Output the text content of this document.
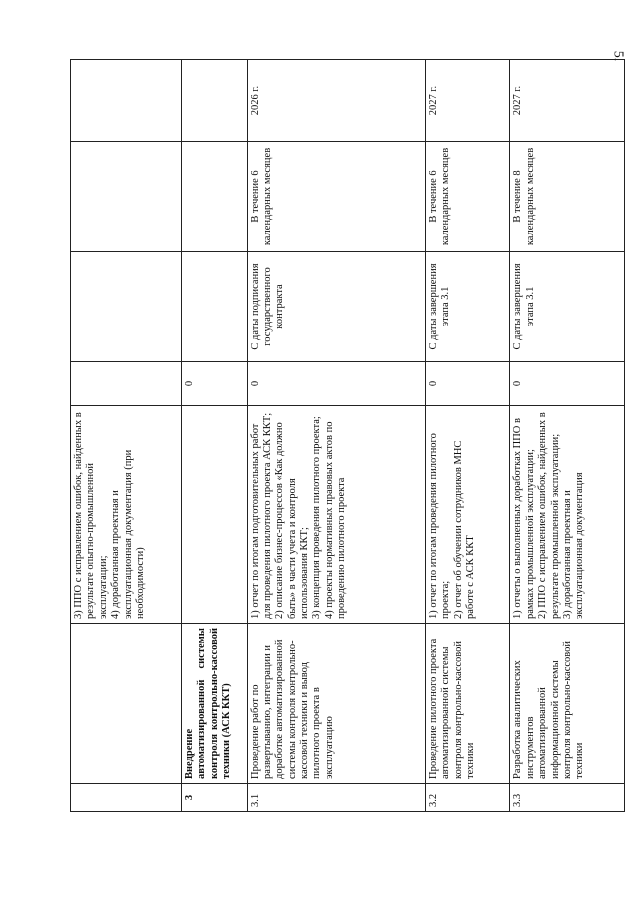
5.
		3) ППО с исправлением ошибок, найденных в результате опытно-промышленной эксплуатации;
4) доработанная проектная и эксплуатационная документация (при необходимости)				
3	Внедрение автоматизированной системы контроля контрольно-кассовой техники (АСК ККТ)		0			
3.1	Проведение работ по развертыванию, интеграции и доработке автоматизированной системы контроля контрольно-кассовой техники и вывод пилотного проекта в эксплуатацию	1) отчет по итогам подготовительных работ для проведения пилотного проекта АСК ККТ;
2) описание бизнес-процессов «Как должно быть» в части учета и контроля использования ККТ;
3) концепция проведения пилотного проекта;
4) проекты нормативных правовых актов по проведению пилотного проекта	0	С даты подписания государственного контракта	В течение 6 календарных месяцев	2026 г.
3.2	Проведение пилотного проекта автоматизированной системы контроля контрольно-кассовой техники	1) отчет по итогам проведения пилотного проекта;
2) отчет об обучении сотрудников МНС работе с АСК ККТ	0	С даты завершения этапа 3.1	В течение 6 календарных месяцев	2027 г.
3.3	Разработка аналитических инструментов автоматизированной информационной системы контроля контрольно-кассовой техники	1) отчеты о выполненных доработках ППО в рамках промышленной эксплуатации;
2) ППО с исправлением ошибок, найденных в результате промышленной эксплуатации;
3) доработанная проектная и эксплуатационная документация	0	С даты завершения этапа 3.1	В течение 8 календарных месяцев	2027 г.
